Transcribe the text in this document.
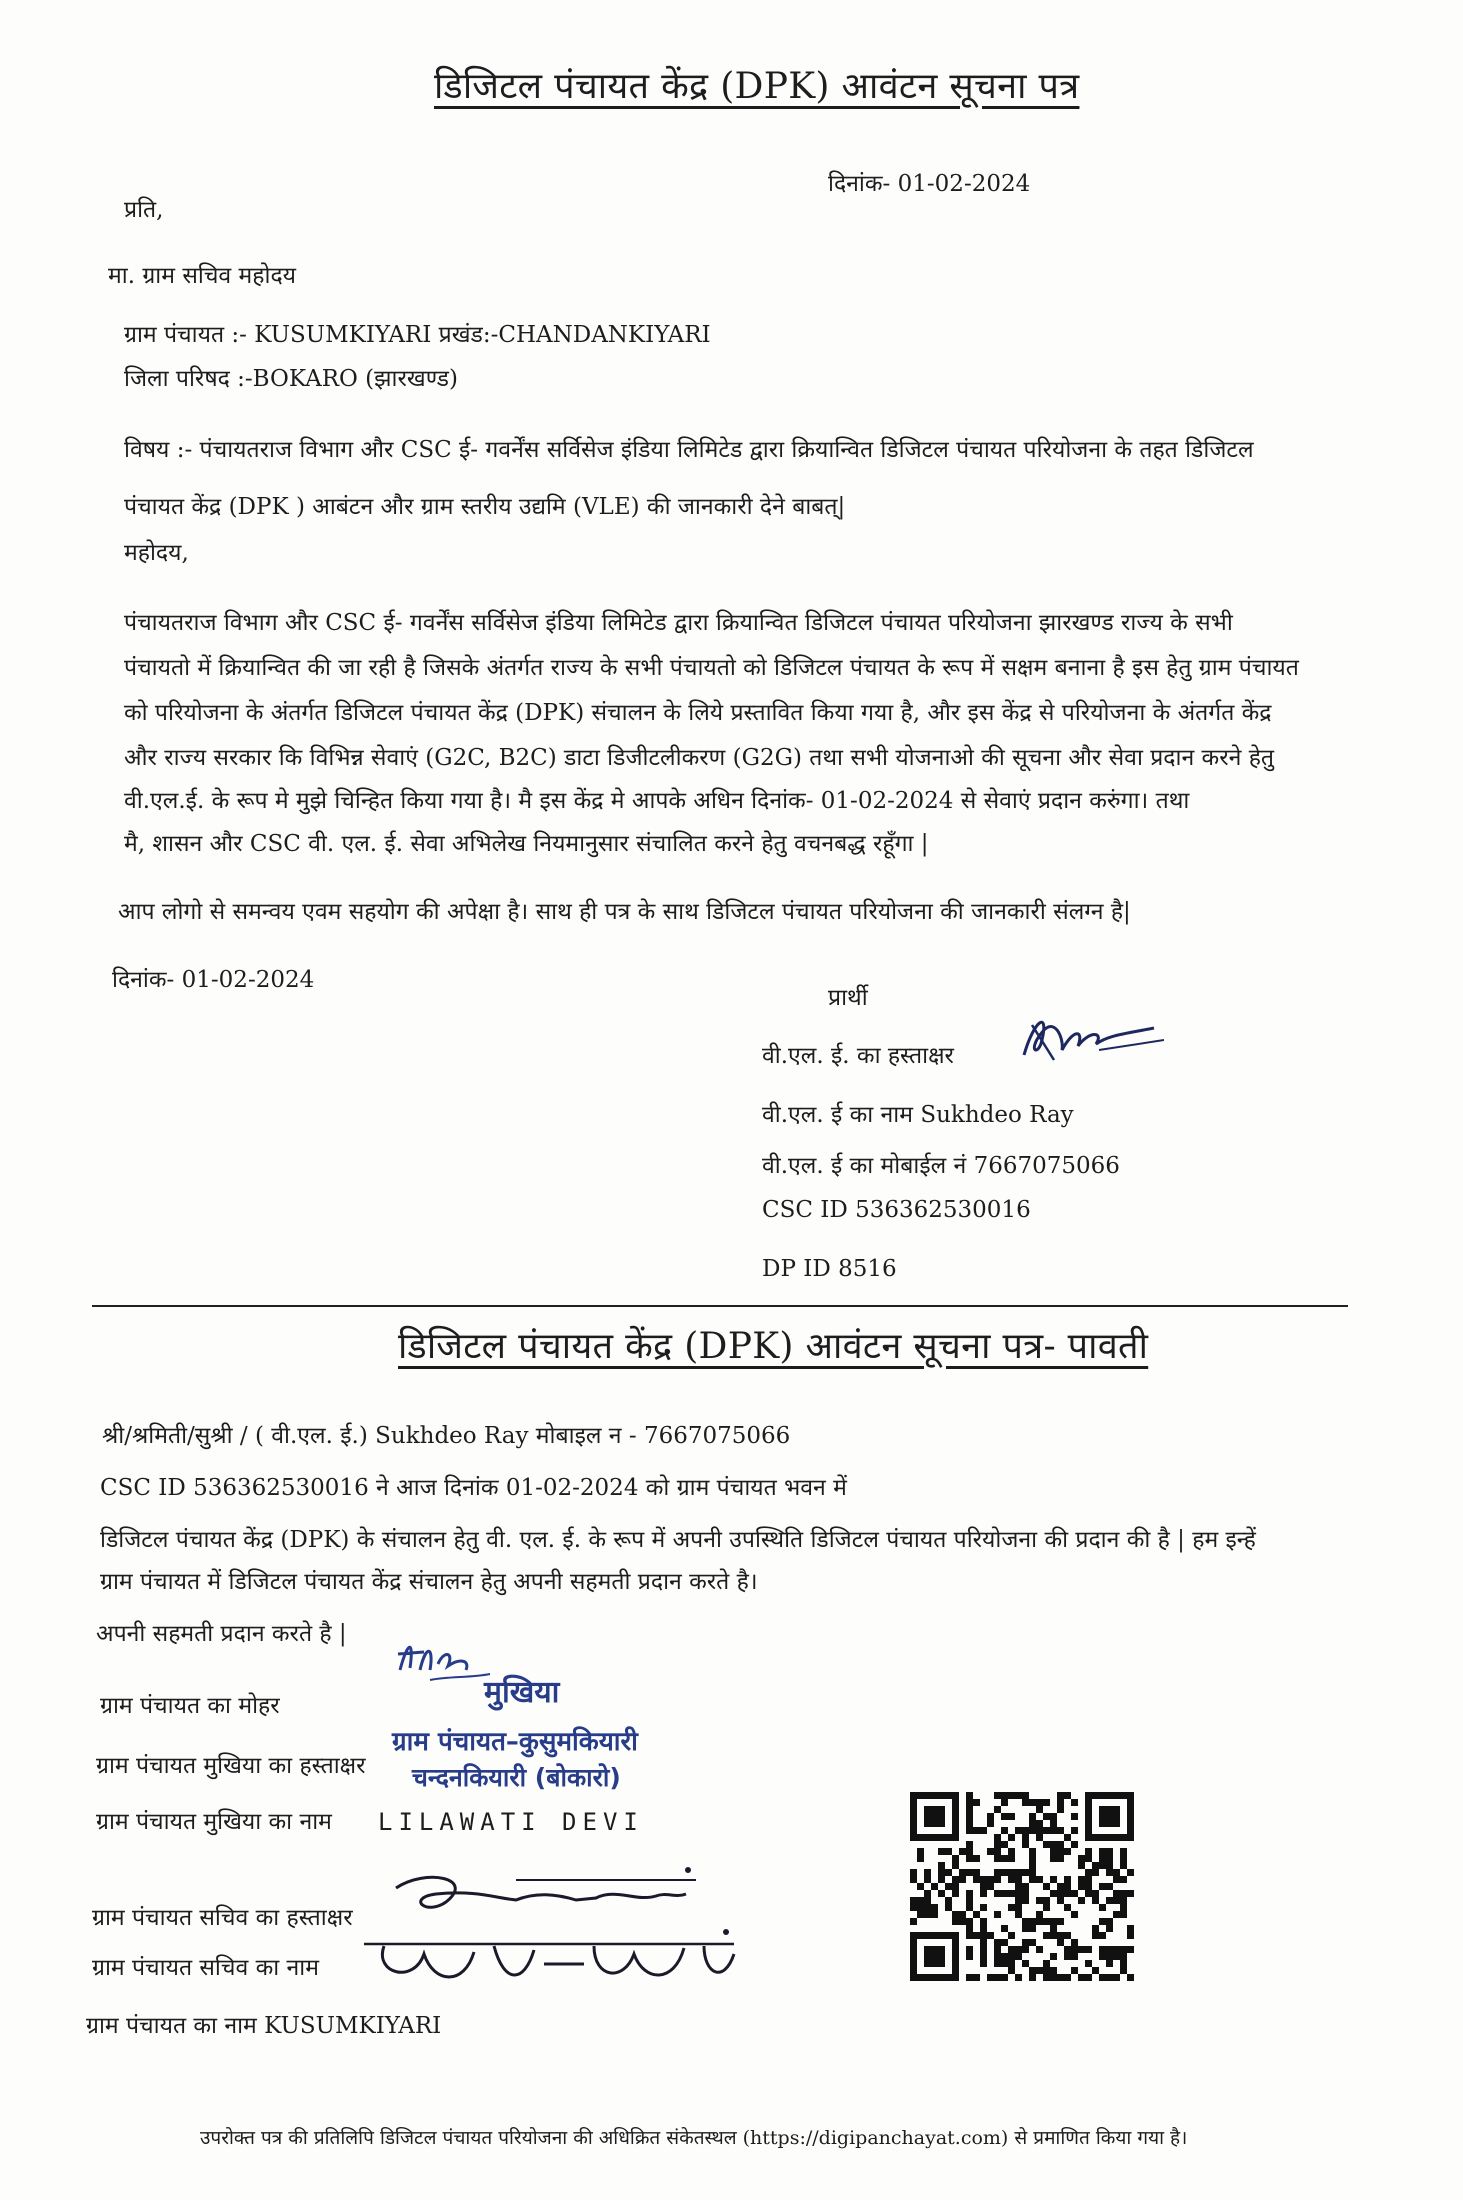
डिजिटल पंचायत केंद्र (DPK) आवंटन सूचना पत्र
दिनांक- 01-02-2024
प्रति,
मा. ग्राम सचिव महोदय
ग्राम पंचायत :- KUSUMKIYARI प्रखंड:-CHANDANKIYARI
जिला परिषद :-BOKARO (झारखण्ड)
विषय :- पंचायतराज विभाग और CSC ई- गवर्नेंस सर्विसेज इंडिया लिमिटेड द्वारा क्रियान्वित डिजिटल पंचायत परियोजना के तहत डिजिटल
पंचायत केंद्र (DPK ) आबंटन और ग्राम स्तरीय उद्यमि (VLE) की जानकारी देने बाबत्|
महोदय,
पंचायतराज विभाग और CSC ई- गवर्नेंस सर्विसेज इंडिया लिमिटेड द्वारा क्रियान्वित डिजिटल पंचायत परियोजना झारखण्ड राज्य के सभी
पंचायतो में क्रियान्वित की जा रही है जिसके अंतर्गत राज्य के सभी पंचायतो को डिजिटल पंचायत के रूप में सक्षम बनाना है इस हेतु ग्राम पंचायत
को परियोजना के अंतर्गत डिजिटल पंचायत केंद्र (DPK) संचालन के लिये प्रस्तावित किया गया है, और इस केंद्र से परियोजना के अंतर्गत केंद्र
और राज्य सरकार कि विभिन्न सेवाएं (G2C, B2C) डाटा डिजीटलीकरण (G2G) तथा सभी योजनाओ की सूचना और सेवा प्रदान करने हेतु
वी.एल.ई. के रूप मे मुझे चिन्हित किया गया है। मै इस केंद्र मे आपके अधिन दिनांक- 01-02-2024 से सेवाएं प्रदान करुंगा। तथा
मै, शासन और CSC वी. एल. ई. सेवा अभिलेख नियमानुसार संचालित करने हेतु वचनबद्ध रहूँगा |
आप लोगो से समन्वय एवम सहयोग की अपेक्षा है। साथ ही पत्र के साथ डिजिटल पंचायत परियोजना की जानकारी संलग्न है|
दिनांक- 01-02-2024
प्रार्थी
वी.एल. ई. का हस्ताक्षर
वी.एल. ई का नाम Sukhdeo Ray
वी.एल. ई का मोबाईल नं 7667075066
CSC ID 536362530016
DP ID 8516
डिजिटल पंचायत केंद्र (DPK) आवंटन सूचना पत्र- पावती
श्री/श्रमिती/सुश्री / ( वी.एल. ई.) Sukhdeo Ray मोबाइल न - 7667075066
CSC ID 536362530016 ने आज दिनांक 01-02-2024 को ग्राम पंचायत भवन में
डिजिटल पंचायत केंद्र (DPK) के संचालन हेतु वी. एल. ई. के रूप में अपनी उपस्थिति डिजिटल पंचायत परियोजना की प्रदान की है | हम इन्हें
ग्राम पंचायत में डिजिटल पंचायत केंद्र संचालन हेतु अपनी सहमती प्रदान करते है।
अपनी सहमती प्रदान करते है |
ग्राम पंचायत का मोहर
ग्राम पंचायत मुखिया का हस्ताक्षर
ग्राम पंचायत मुखिया का नाम LILAWATI DEVI
मुखिया
ग्राम पंचायत–कुसुमकियारी
चन्दनकियारी (बोकारो)
ग्राम पंचायत सचिव का हस्ताक्षर
ग्राम पंचायत सचिव का नाम
ग्राम पंचायत का नाम KUSUMKIYARI
उपरोक्त पत्र की प्रतिलिपि डिजिटल पंचायत परियोजना की अधिक्रित संकेतस्थल (https://digipanchayat.com) से प्रमाणित किया गया है।
